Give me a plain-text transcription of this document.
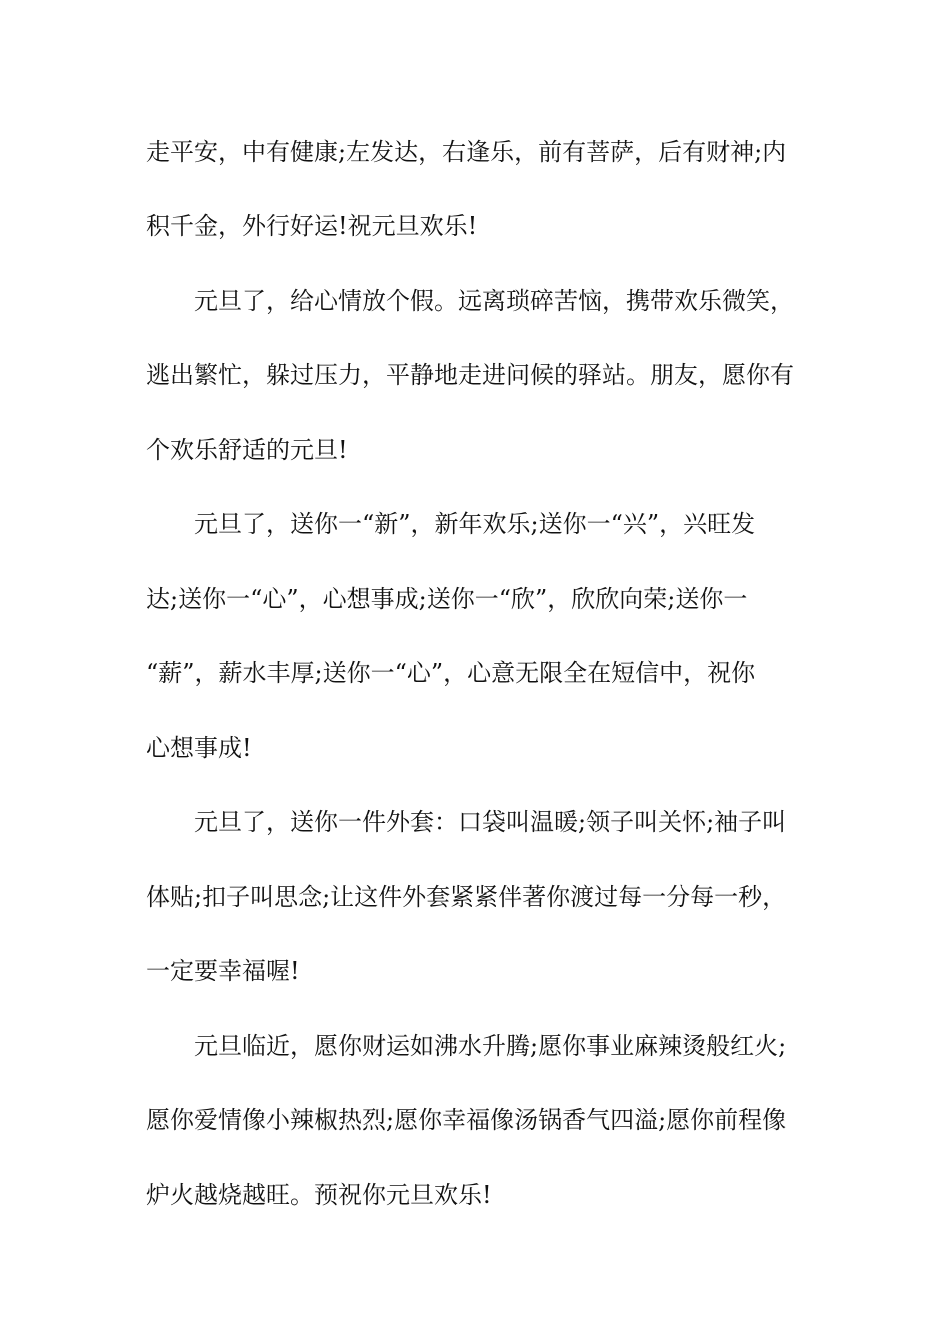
走平安，中有健康;左发达，右逢乐，前有菩萨，后有财神;内
积千金，外行好运!祝元旦欢乐!
元旦了，给心情放个假。远离琐碎苦恼，携带欢乐微笑，
逃出繁忙，躲过压力，平静地走进问候的驿站。朋友，愿你有
个欢乐舒适的元旦!
元旦了，送你一“新”，新年欢乐;送你一“兴”，兴旺发
达;送你一“心”，心想事成;送你一“欣”，欣欣向荣;送你一
“薪”，薪水丰厚;送你一“心”，心意无限全在短信中，祝你
心想事成!
元旦了，送你一件外套：口袋叫温暖;领子叫关怀;袖子叫
体贴;扣子叫思念;让这件外套紧紧伴著你渡过每一分每一秒，
一定要幸福喔!
元旦临近，愿你财运如沸水升腾;愿你事业麻辣烫般红火;
愿你爱情像小辣椒热烈;愿你幸福像汤锅香气四溢;愿你前程像
炉火越烧越旺。预祝你元旦欢乐!
